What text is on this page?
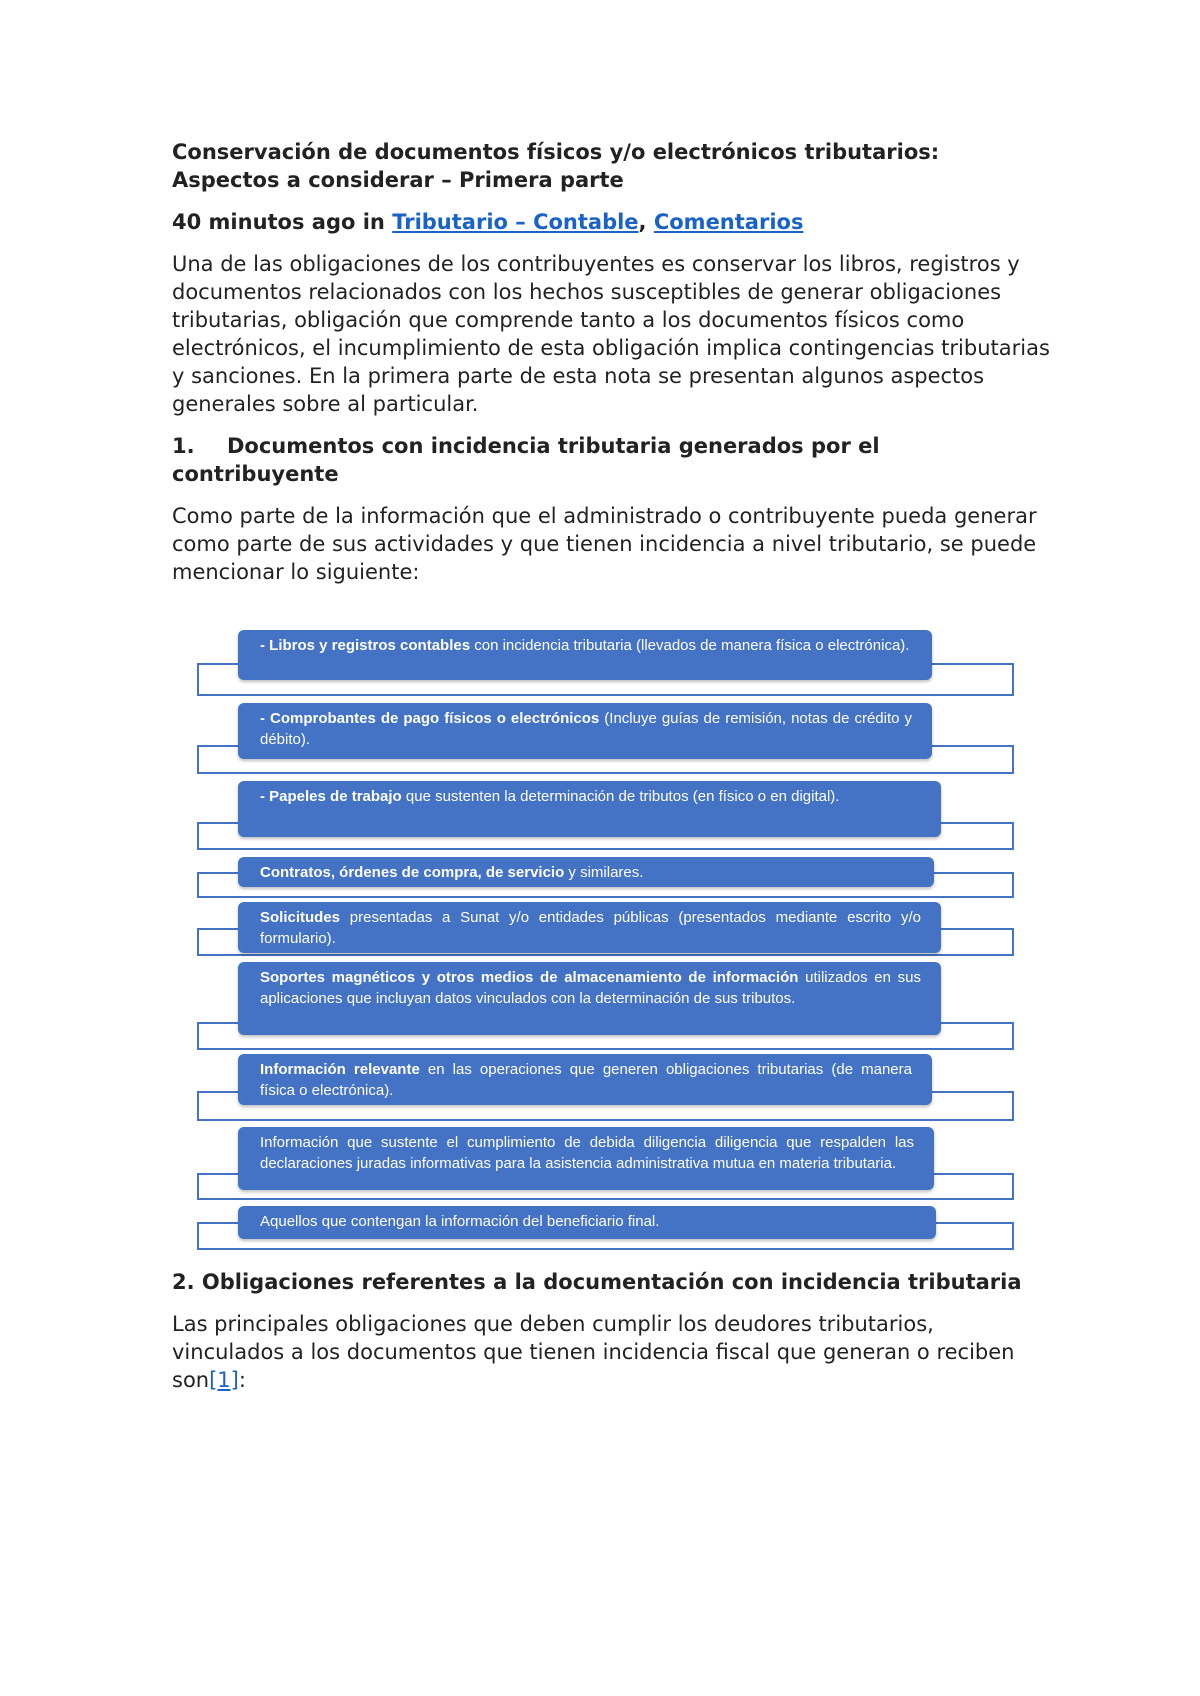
Conservación de documentos físicos y/o electrónicos tributarios:
Aspectos a considerar – Primera parte
40 minutos ago in Tributario – Contable, Comentarios

Una de las obligaciones de los contribuyentes es conservar los libros, registros y documentos relacionados con los hechos susceptibles de generar obligaciones tributarias, obligación que comprende tanto a los documentos físicos como electrónicos, el incumplimiento de esta obligación implica contingencias tributarias y sanciones. En la primera parte de esta nota se presentan algunos aspectos generales sobre al particular.

1. Documentos con incidencia tributaria generados por el contribuyente

Como parte de la información que el administrado o contribuyente pueda generar como parte de sus actividades y que tienen incidencia a nivel tributario, se puede mencionar lo siguiente:

- Libros y registros contables con incidencia tributaria (llevados de manera física o electrónica).
- Comprobantes de pago físicos o electrónicos (Incluye guías de remisión, notas de crédito y débito).
- Papeles de trabajo que sustenten la determinación de tributos (en físico o en digital).
Contratos, órdenes de compra, de servicio y similares.
Solicitudes presentadas a Sunat y/o entidades públicas (presentados mediante escrito y/o formulario).
Soportes magnéticos y otros medios de almacenamiento de información utilizados en sus aplicaciones que incluyan datos vinculados con la determinación de sus tributos.
Información relevante en las operaciones que generen obligaciones tributarias (de manera física o electrónica).
Información que sustente el cumplimiento de debida diligencia diligencia que respalden las declaraciones juradas informativas para la asistencia administrativa mutua en materia tributaria.
Aquellos que contengan la información del beneficiario final.
2. Obligaciones referentes a la documentación con incidencia tributaria

Las principales obligaciones que deben cumplir los deudores tributarios, vinculados a los documentos que tienen incidencia fiscal que generan o reciben son[1]:
